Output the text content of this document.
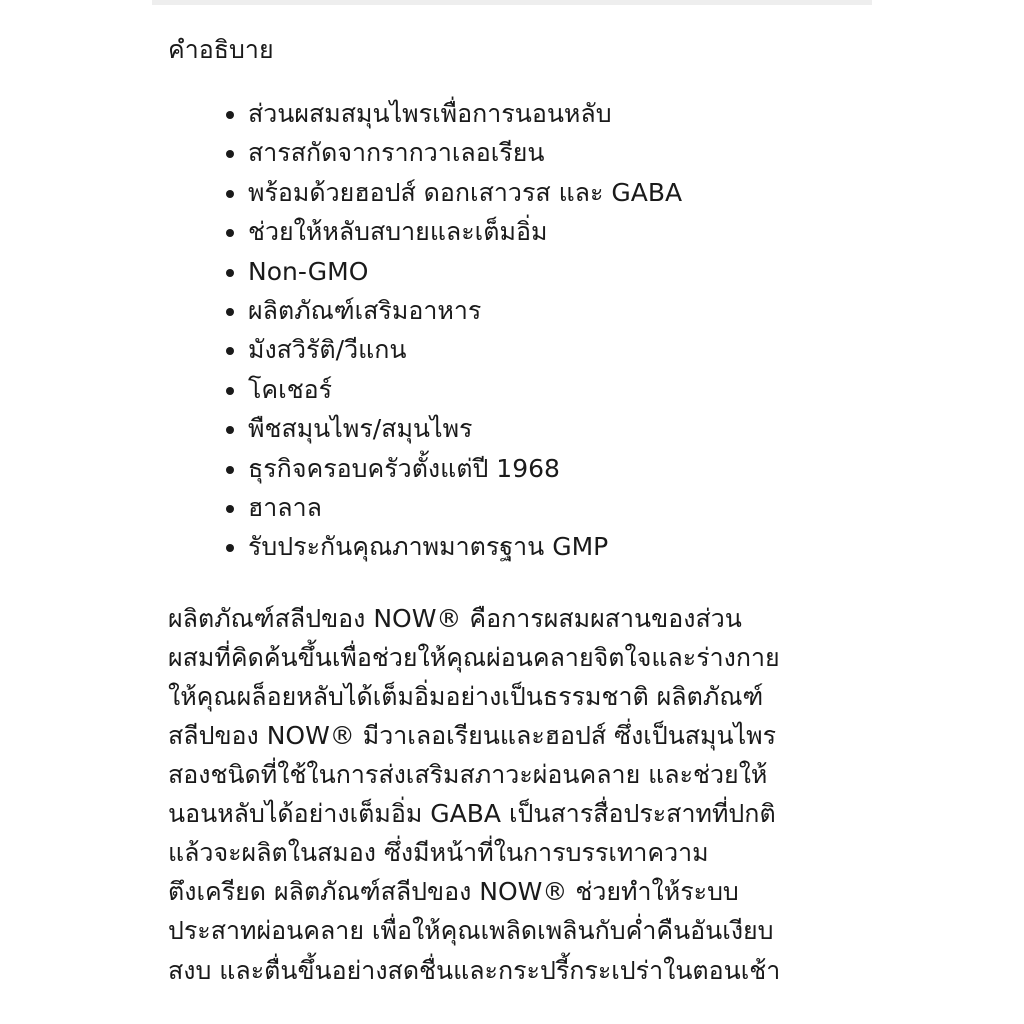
คำอธิบาย
ส่วนผสมสมุนไพรเพื่อการนอนหลับ
สารสกัดจากรากวาเลอเรียน
พร้อมด้วยฮอปส์ ดอกเสาวรส และ GABA
ช่วยให้หลับสบายและเต็มอิ่ม
Non-GMO
ผลิตภัณฑ์เสริมอาหาร
มังสวิรัติ/วีแกน
โคเชอร์
พืชสมุนไพร/สมุนไพร
ธุรกิจครอบครัวตั้งแต่ปี 1968
ฮาลาล
รับประกันคุณภาพมาตรฐาน GMP

ผลิตภัณฑ์สลีปของ NOW® คือการผสมผสานของส่วน
ผสมที่คิดค้นขึ้นเพื่อช่วยให้คุณผ่อนคลายจิตใจและร่างกาย
ให้คุณผล็อยหลับได้เต็มอิ่มอย่างเป็นธรรมชาติ ผลิตภัณฑ์
สลีปของ NOW® มีวาเลอเรียนและฮอปส์ ซึ่งเป็นสมุนไพร
สองชนิดที่ใช้ในการส่งเสริมสภาวะผ่อนคลาย และช่วยให้
นอนหลับได้อย่างเต็มอิ่ม GABA เป็นสารสื่อประสาทที่ปกติ
แล้วจะผลิตในสมอง ซึ่งมีหน้าที่ในการบรรเทาความ
ตึงเครียด ผลิตภัณฑ์สลีปของ NOW® ช่วยทำให้ระบบ
ประสาทผ่อนคลาย เพื่อให้คุณเพลิดเพลินกับค่ำคืนอันเงียบ
สงบ และตื่นขึ้นอย่างสดชื่นและกระปรี้กระเปร่าในตอนเช้า
